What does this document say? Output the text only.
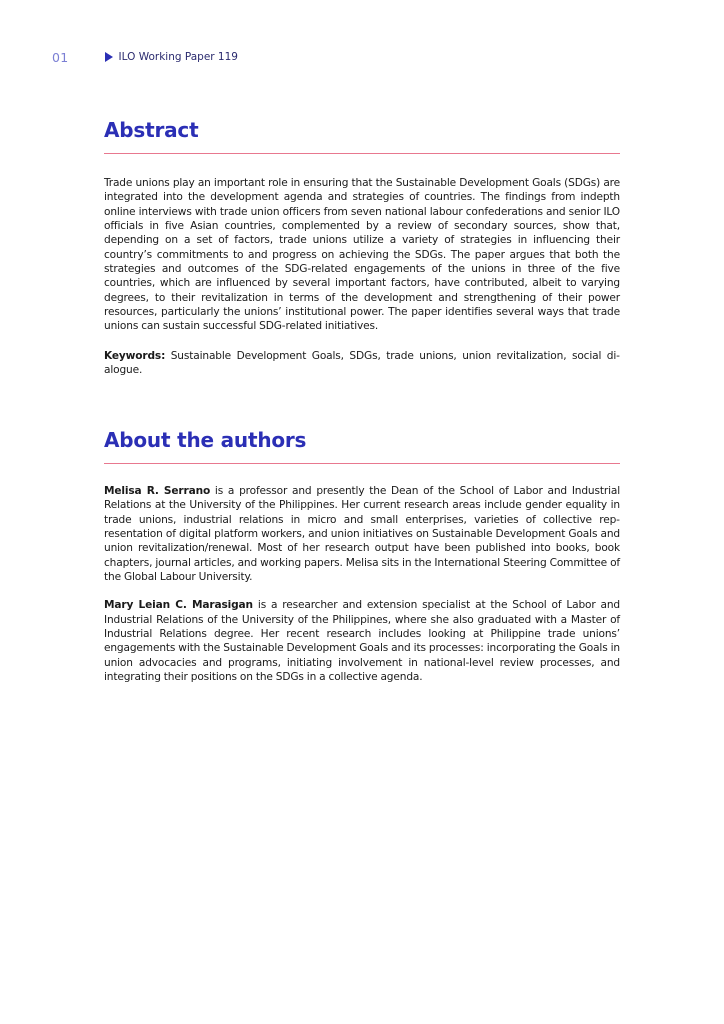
01	ILO Working Paper 119
Abstract

Trade unions play an important role in ensuring that the Sustainable Development Goals (SDGs) are integrated into the development agenda and strategies of countries. The findings from indepth online interviews with trade union officers from seven national labour confederations and senior ILO officials in five Asian countries, complemented by a review of secondary sources, show that, depending on a set of factors, trade unions utilize a variety of strategies in influencing their country’s commitments to and progress on achieving the SDGs. The paper argues that both the strategies and outcomes of the SDG-related engagements of the unions in three of the five countries, which are influenced by several important factors, have contributed, albeit to varying degrees, to their revitalization in terms of the development and strengthening of their power resources, particularly the unions’ institutional power. The paper identifies several ways that trade unions can sustain successful SDG-related initiatives.

Keywords: Sustainable Development Goals, SDGs, trade unions, union revitalization, social dialogue.

About the authors

Melisa R. Serrano is a professor and presently the Dean of the School of Labor and Industrial Relations at the University of the Philippines. Her current research areas include gender equality in trade unions, industrial relations in micro and small enterprises, varieties of collective representation of digital platform workers, and union initiatives on Sustainable Development Goals and union revitalization/renewal. Most of her research output have been published into books, book chapters, journal articles, and working papers. Melisa sits in the International Steering Committee of the Global Labour University.

Mary Leian C. Marasigan is a researcher and extension specialist at the School of Labor and Industrial Relations of the University of the Philippines, where she also graduated with a Master of Industrial Relations degree. Her recent research includes looking at Philippine trade unions’ engagements with the Sustainable Development Goals and its processes: incorporating the Goals in union advocacies and programs, initiating involvement in national-level review processes, and integrating their positions on the SDGs in a collective agenda.
